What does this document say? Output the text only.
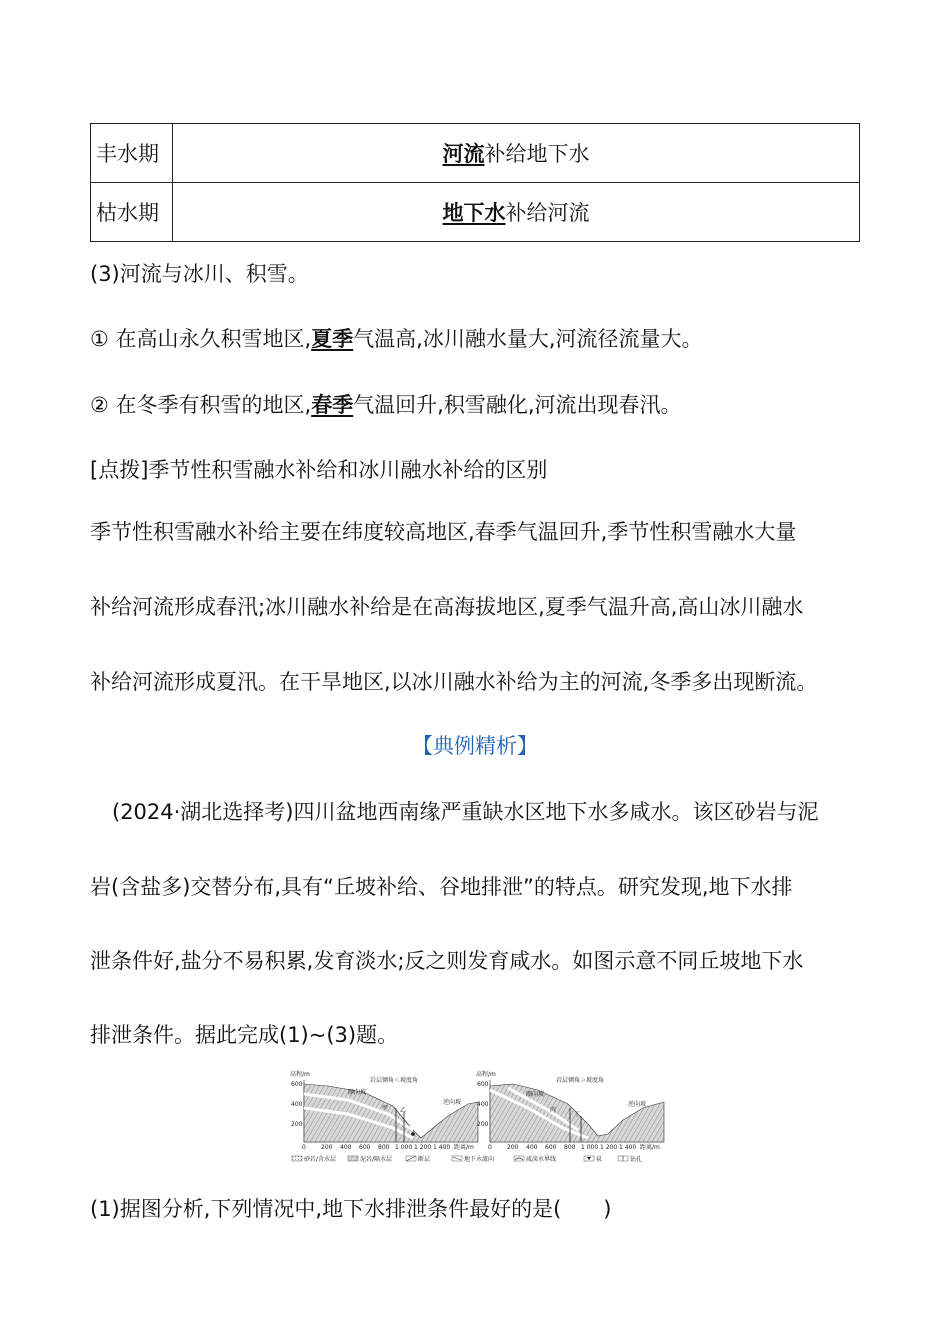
丰水期	河流补给地下水
枯水期	地下水补给河流
(3)河流与冰川、积雪。
① 在高山永久积雪地区,夏季气温高,冰川融水量大,河流径流量大。
② 在冬季有积雪的地区,春季气温回升,积雪融化,河流出现春汛。
[点拨]季节性积雪融水补给和冰川融水补给的区别
季节性积雪融水补给主要在纬度较高地区,春季气温回升,季节性积雪融水大量
补给河流形成春汛;冰川融水补给是在高海拔地区,夏季气温升高,高山冰川融水
补给河流形成夏汛。在干旱地区,以冰川融水补给为主的河流,冬季多出现断流。
【典例精析】
(2024·湖北选择考)四川盆地西南缘严重缺水区地下水多咸水。该区砂岩与泥
岩(含盐多)交替分布,具有“丘坡补给、谷地排泄”的特点。研究发现,地下水排
泄条件好,盐分不易积累,发育淡水;反之则发育咸水。如图示意不同丘坡地下水
排泄条件。据此完成(1)~(3)题。
高程/m
600
400
200
顺向坡
逆向坡
甲 乙
岩层倾角＜坡度角
0	200 400 600 800 1 000 1 200 1 400 距离/m
高程/m
600
400
200
顺向坡
逆向坡
丙
丁
岩层倾角＞坡度角
0	200 400 600 800 1 000 1 200 1 400 距离/m
砂岩/含水层	泥岩/隔水层	断层	地下水流向	咸淡水界线	泉	钻孔
(1)据图分析,下列情况中,地下水排泄条件最好的是(　　 )
